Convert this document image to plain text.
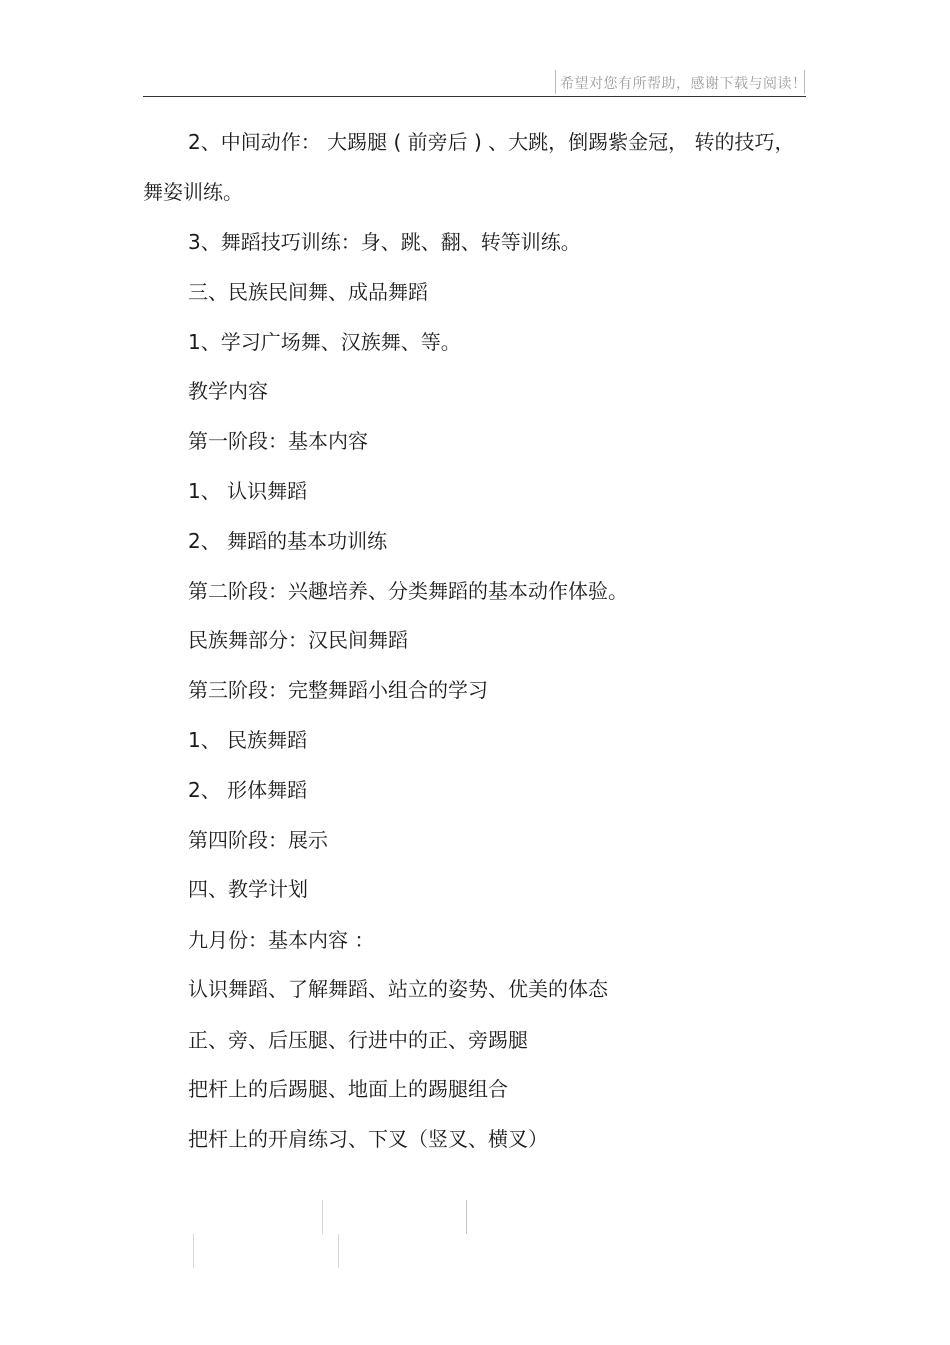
希望对您有所帮助，感谢下载与阅读！
2、中间动作： 大踢腿 ( 前旁后 ) 、大跳，倒踢紫金冠， 转的技巧，
舞姿训练。
3、舞蹈技巧训练：身、跳、翻、转等训练。
三、民族民间舞、成品舞蹈
1、学习广场舞、汉族舞、等。
教学内容
第一阶段：基本内容
1、 认识舞蹈
2、 舞蹈的基本功训练
第二阶段：兴趣培养、分类舞蹈的基本动作体验。
民族舞部分：汉民间舞蹈
第三阶段：完整舞蹈小组合的学习
1、 民族舞蹈
2、 形体舞蹈
第四阶段：展示
四、教学计划
九月份：基本内容 ：
认识舞蹈、了解舞蹈、站立的姿势、优美的体态
正、旁、后压腿、行进中的正、旁踢腿
把杆上的后踢腿、地面上的踢腿组合
把杆上的开肩练习、下叉（竖叉、横叉）
